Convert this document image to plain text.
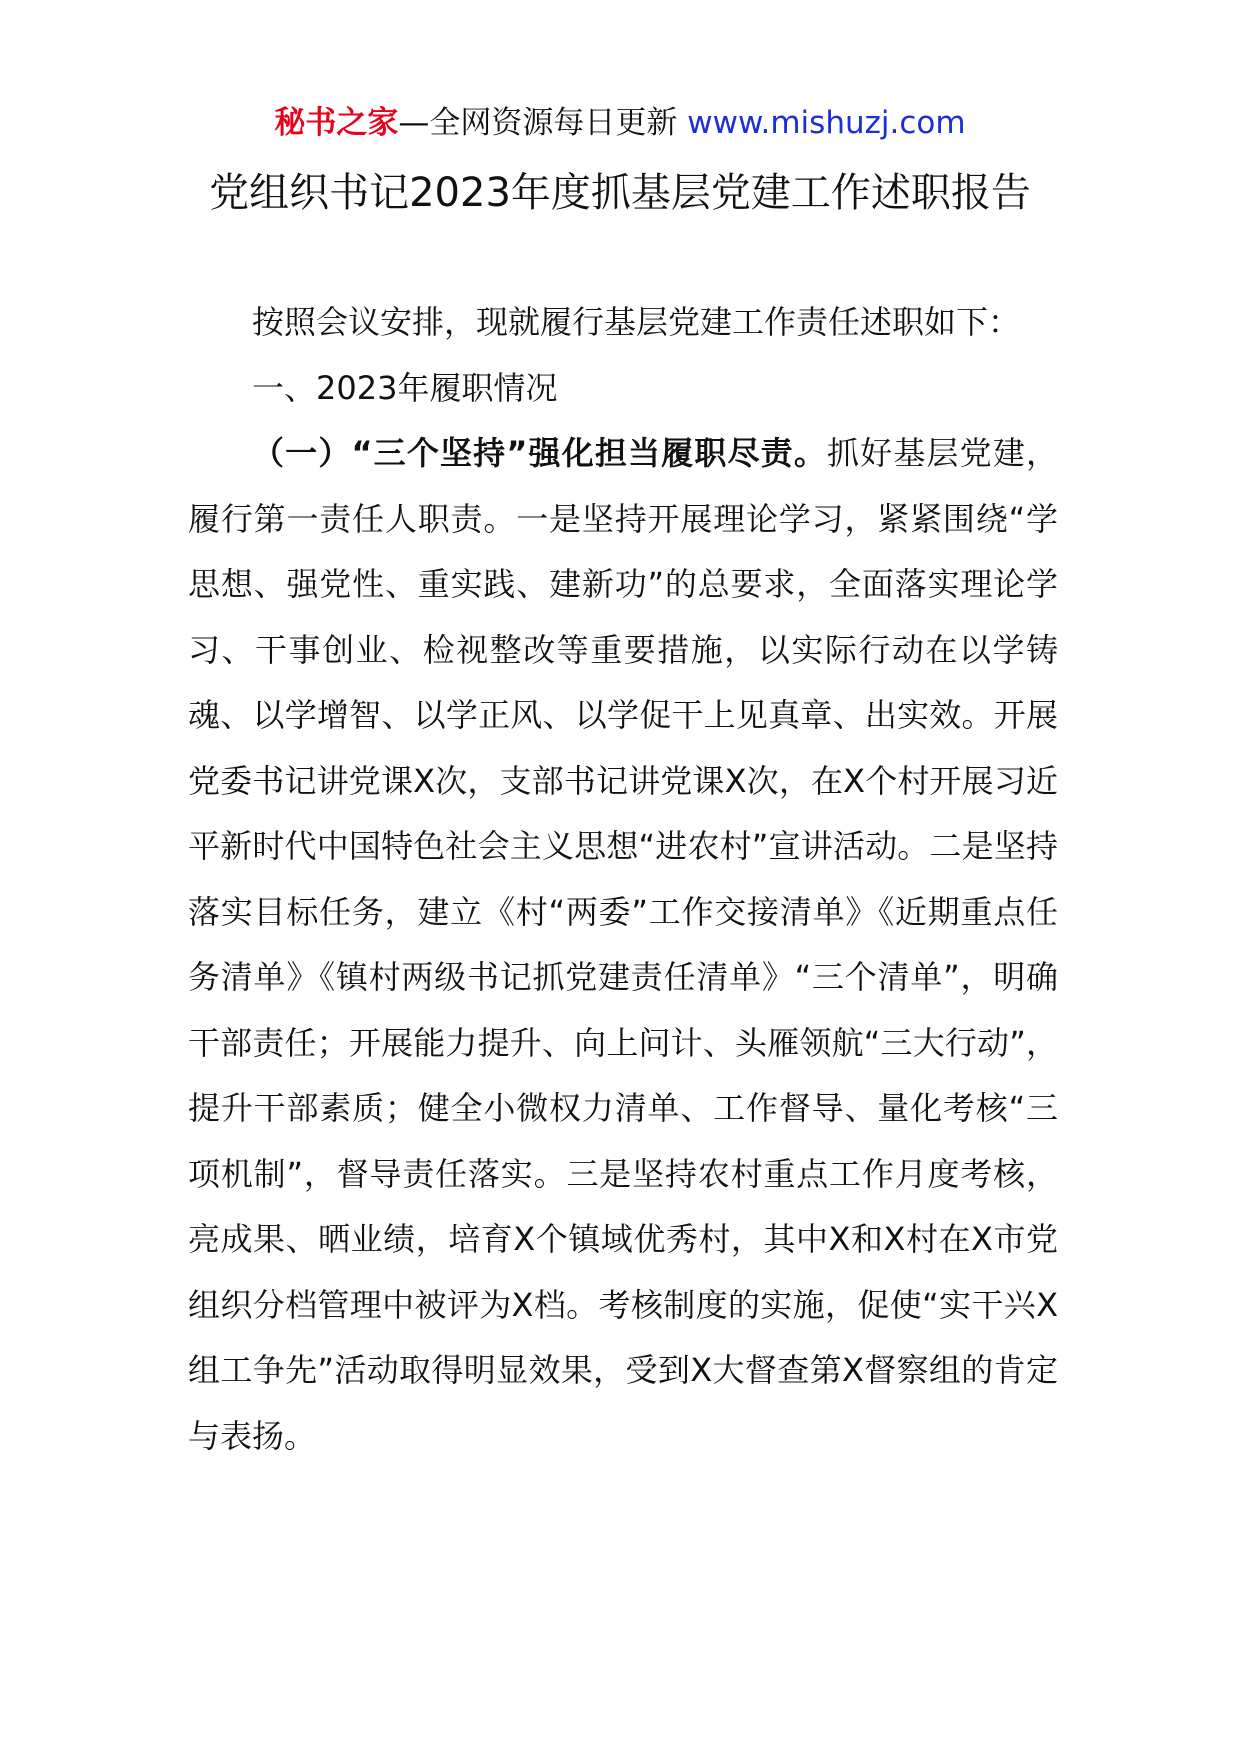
秘书之家—全网资源每日更新 www.mishuzj.com
党组织书记2023年度抓基层党建工作述职报告

按照会议安排，现就履行基层党建工作责任述职如下：

一、2023年履职情况

（一）“三个坚持”强化担当履职尽责。抓好基层党建，履行第一责任人职责。一是坚持开展理论学习，紧紧围绕“学思想、强党性、重实践、建新功”的总要求，全面落实理论学习、干事创业、检视整改等重要措施，以实际行动在以学铸魂、以学增智、以学正风、以学促干上见真章、出实效。开展党委书记讲党课X次，支部书记讲党课X次，在X个村开展习近平新时代中国特色社会主义思想“进农村”宣讲活动。二是坚持落实目标任务，建立《村“两委”工作交接清单》《近期重点任务清单》《镇村两级书记抓党建责任清单》“三个清单”，明确干部责任；开展能力提升、向上问计、头雁领航“三大行动”，提升干部素质；健全小微权力清单、工作督导、量化考核“三项机制”，督导责任落实。三是坚持农村重点工作月度考核，亮成果、晒业绩，培育X个镇域优秀村，其中X和X村在X市党组织分档管理中被评为X档。考核制度的实施，促使“实干兴X组工争先”活动取得明显效果，受到X大督查第X督察组的肯定与表扬。
